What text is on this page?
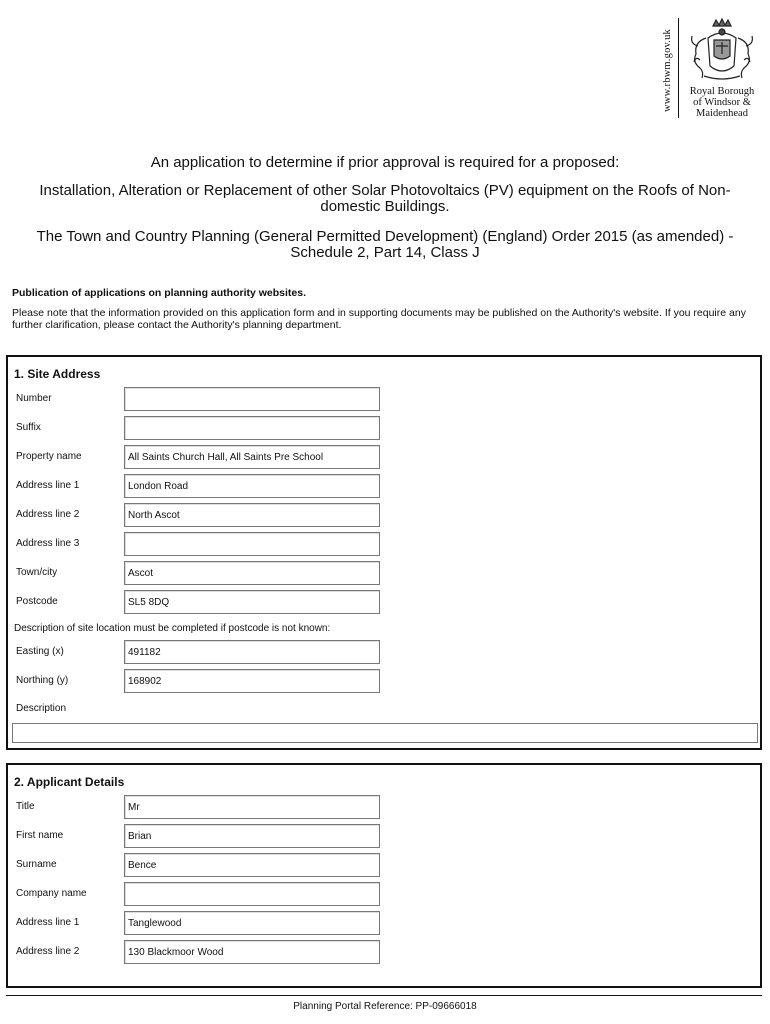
www.rbwm.gov.uk	Royal Borough
of Windsor &
Maidenhead
An application to determine if prior approval is required for a proposed:
Installation, Alteration or Replacement of other Solar Photovoltaics (PV) equipment on the Roofs of Non-domestic Buildings.
The Town and Country Planning (General Permitted Development) (England) Order 2015 (as amended) - Schedule 2, Part 14, Class J
Publication of applications on planning authority websites.
Please note that the information provided on this application form and in supporting documents may be published on the Authority's website. If you require any further clarification, please contact the Authority's planning department.
1. Site Address
Number
Suffix
Property name	All Saints Church Hall, All Saints Pre School
Address line 1	London Road
Address line 2	North Ascot
Address line 3
Town/city	Ascot
Postcode	SL5 8DQ
Description of site location must be completed if postcode is not known:
Easting (x)	491182
Northing (y)	168902
Description
2. Applicant Details
Title	Mr
First name	Brian
Surname	Bence
Company name
Address line 1	Tanglewood
Address line 2	130 Blackmoor Wood
Planning Portal Reference: PP-09666018
